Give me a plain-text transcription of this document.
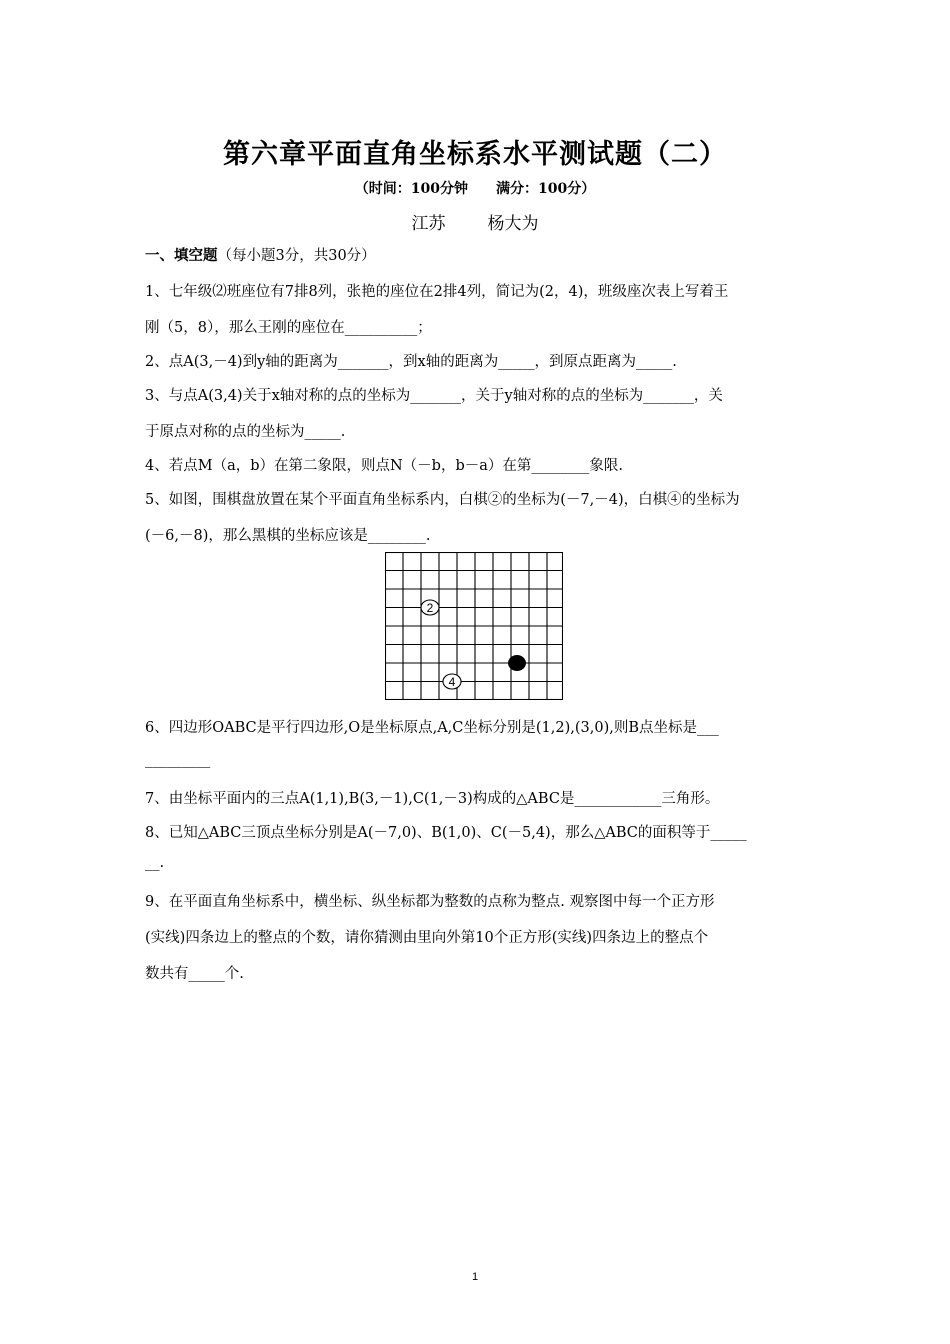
第六章平面直角坐标系水平测试题（二）
（时间：100分钟 满分：100分）
江苏 杨大为
一、填空题（每小题3分，共30分）
1、七年级⑵班座位有7排8列，张艳的座位在2排4列，简记为(2，4)，班级座次表上写着王
刚（5，8），那么王刚的座位在__________；
2、点A(3,－4)到y轴的距离为_______，到x轴的距离为_____，到原点距离为_____.
3、与点A(3,4)关于x轴对称的点的坐标为_______，关于y轴对称的点的坐标为_______，关
于原点对称的点的坐标为_____.
4、若点M（a，b）在第二象限，则点N（－b，b－a）在第________象限.
5、如图，围棋盘放置在某个平面直角坐标系内，白棋②的坐标为(－7,－4)，白棋④的坐标为
(－6,－8)，那么黑棋的坐标应该是________.
2
4
6、四边形OABC是平行四边形,O是坐标原点,A,C坐标分别是(1,2),(3,0),则B点坐标是___
_________
7、由坐标平面内的三点A(1,1),B(3,－1),C(1,－3)构成的△ABC是____________三角形。
8、已知△ABC三顶点坐标分别是A(－7,0)、B(1,0)、C(－5,4)，那么△ABC的面积等于_____
__.
9、在平面直角坐标系中，横坐标、纵坐标都为整数的点称为整点. 观察图中每一个正方形
(实线)四条边上的整点的个数，请你猜测由里向外第10个正方形(实线)四条边上的整点个
数共有_____个.
1
